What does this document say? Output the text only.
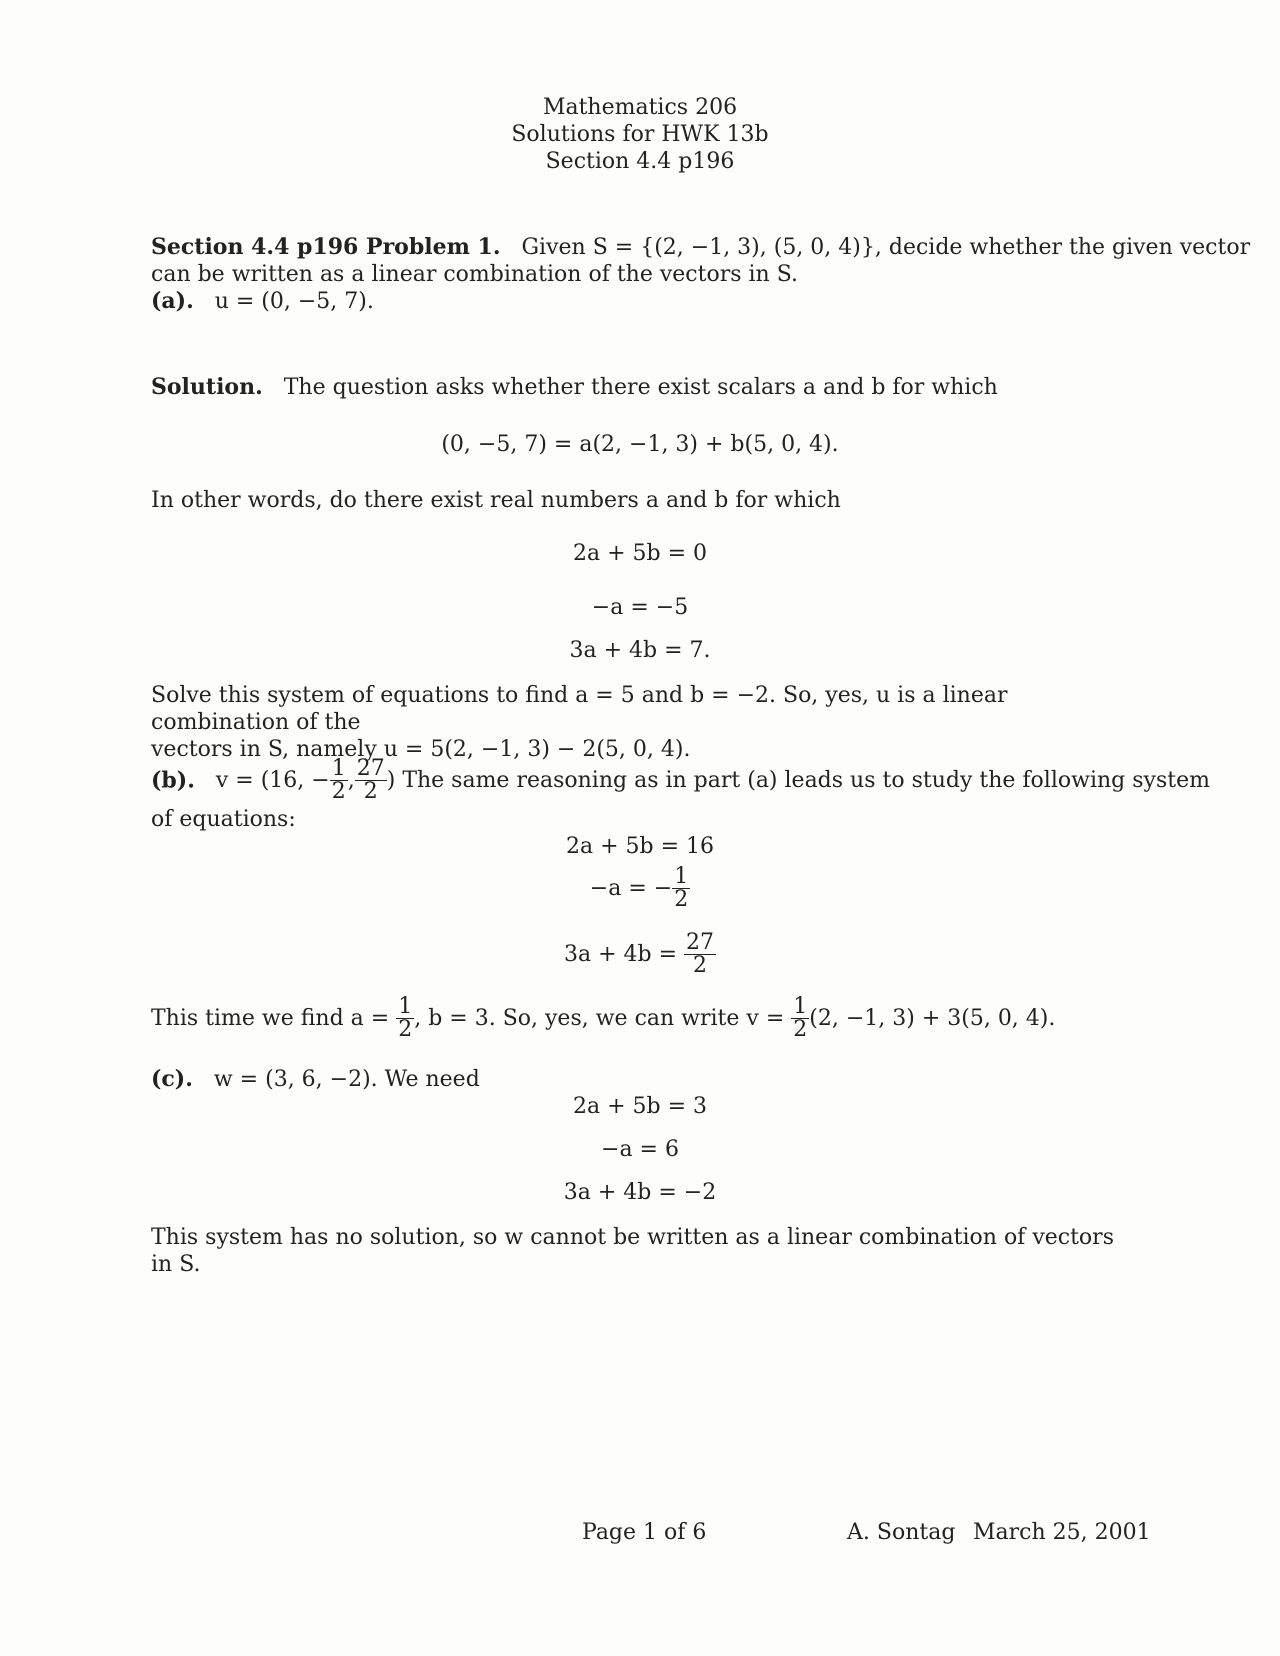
Mathematics 206
Solutions for HWK 13b
Section 4.4 p196
Section 4.4 p196 Problem 1. Given S = {(2, −1, 3), (5, 0, 4)}, decide whether the given vector
can be written as a linear combination of the vectors in S.
(a). u = (0, −5, 7).
Solution. The question asks whether there exist scalars a and b for which
(0, −5, 7) = a(2, −1, 3) + b(5, 0, 4).
In other words, do there exist real numbers a and b for which
2a + 5b = 0
−a = −5
3a + 4b = 7.
Solve this system of equations to find a = 5 and b = −2. So, yes, u is a linear combination of the
vectors in S, namely u = 5(2, −1, 3) − 2(5, 0, 4).
(b). v = (16, − $\frac{1}{2}$ , $\frac{27}{2}$ ) The same reasoning as in part (a) leads us to study the following system
of equations:
2a + 5b = 16
−a = − $\frac{1}{2}$
$3a + 4b = \frac{27}{2}$
This time we find $a = \frac{1}{2}$ , b = 3. So, yes, we can write $v = \frac{1}{2} (2$, −1, 3) + 3(5, 0, 4).
(c). w = (3, 6, −2). We need
2a + 5b = 3
−a = 6
3a + 4b = −2
This system has no solution, so w cannot be written as a linear combination of vectors in S.
Page 1 of 6	A. Sontag March 25, 2001
